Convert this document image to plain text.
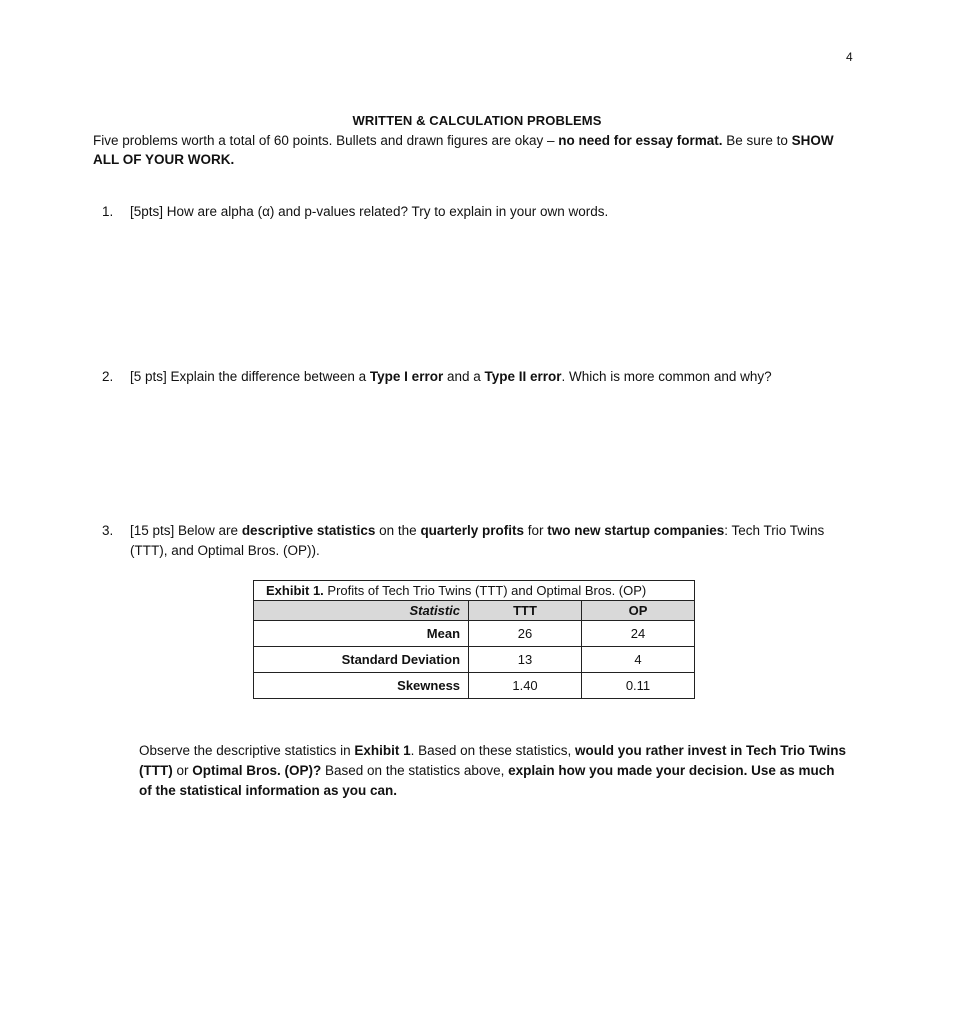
4
WRITTEN & CALCULATION PROBLEMS
Five problems worth a total of 60 points. Bullets and drawn figures are okay – no need for essay format. Be sure to SHOW ALL OF YOUR WORK.
1. [5pts] How are alpha (α) and p-values related? Try to explain in your own words.
2. [5 pts] Explain the difference between a Type I error and a Type II error. Which is more common and why?
3. [15 pts] Below are descriptive statistics on the quarterly profits for two new startup companies: Tech Trio Twins (TTT), and Optimal Bros. (OP)).
Exhibit 1. Profits of Tech Trio Twins (TTT) and Optimal Bros. (OP)		
Statistic	TTT	OP
Mean	26	24
Standard Deviation	13	4
Skewness	1.40	0.11
Observe the descriptive statistics in Exhibit 1. Based on these statistics, would you rather invest in Tech Trio Twins (TTT) or Optimal Bros. (OP)? Based on the statistics above, explain how you made your decision. Use as much of the statistical information as you can.
